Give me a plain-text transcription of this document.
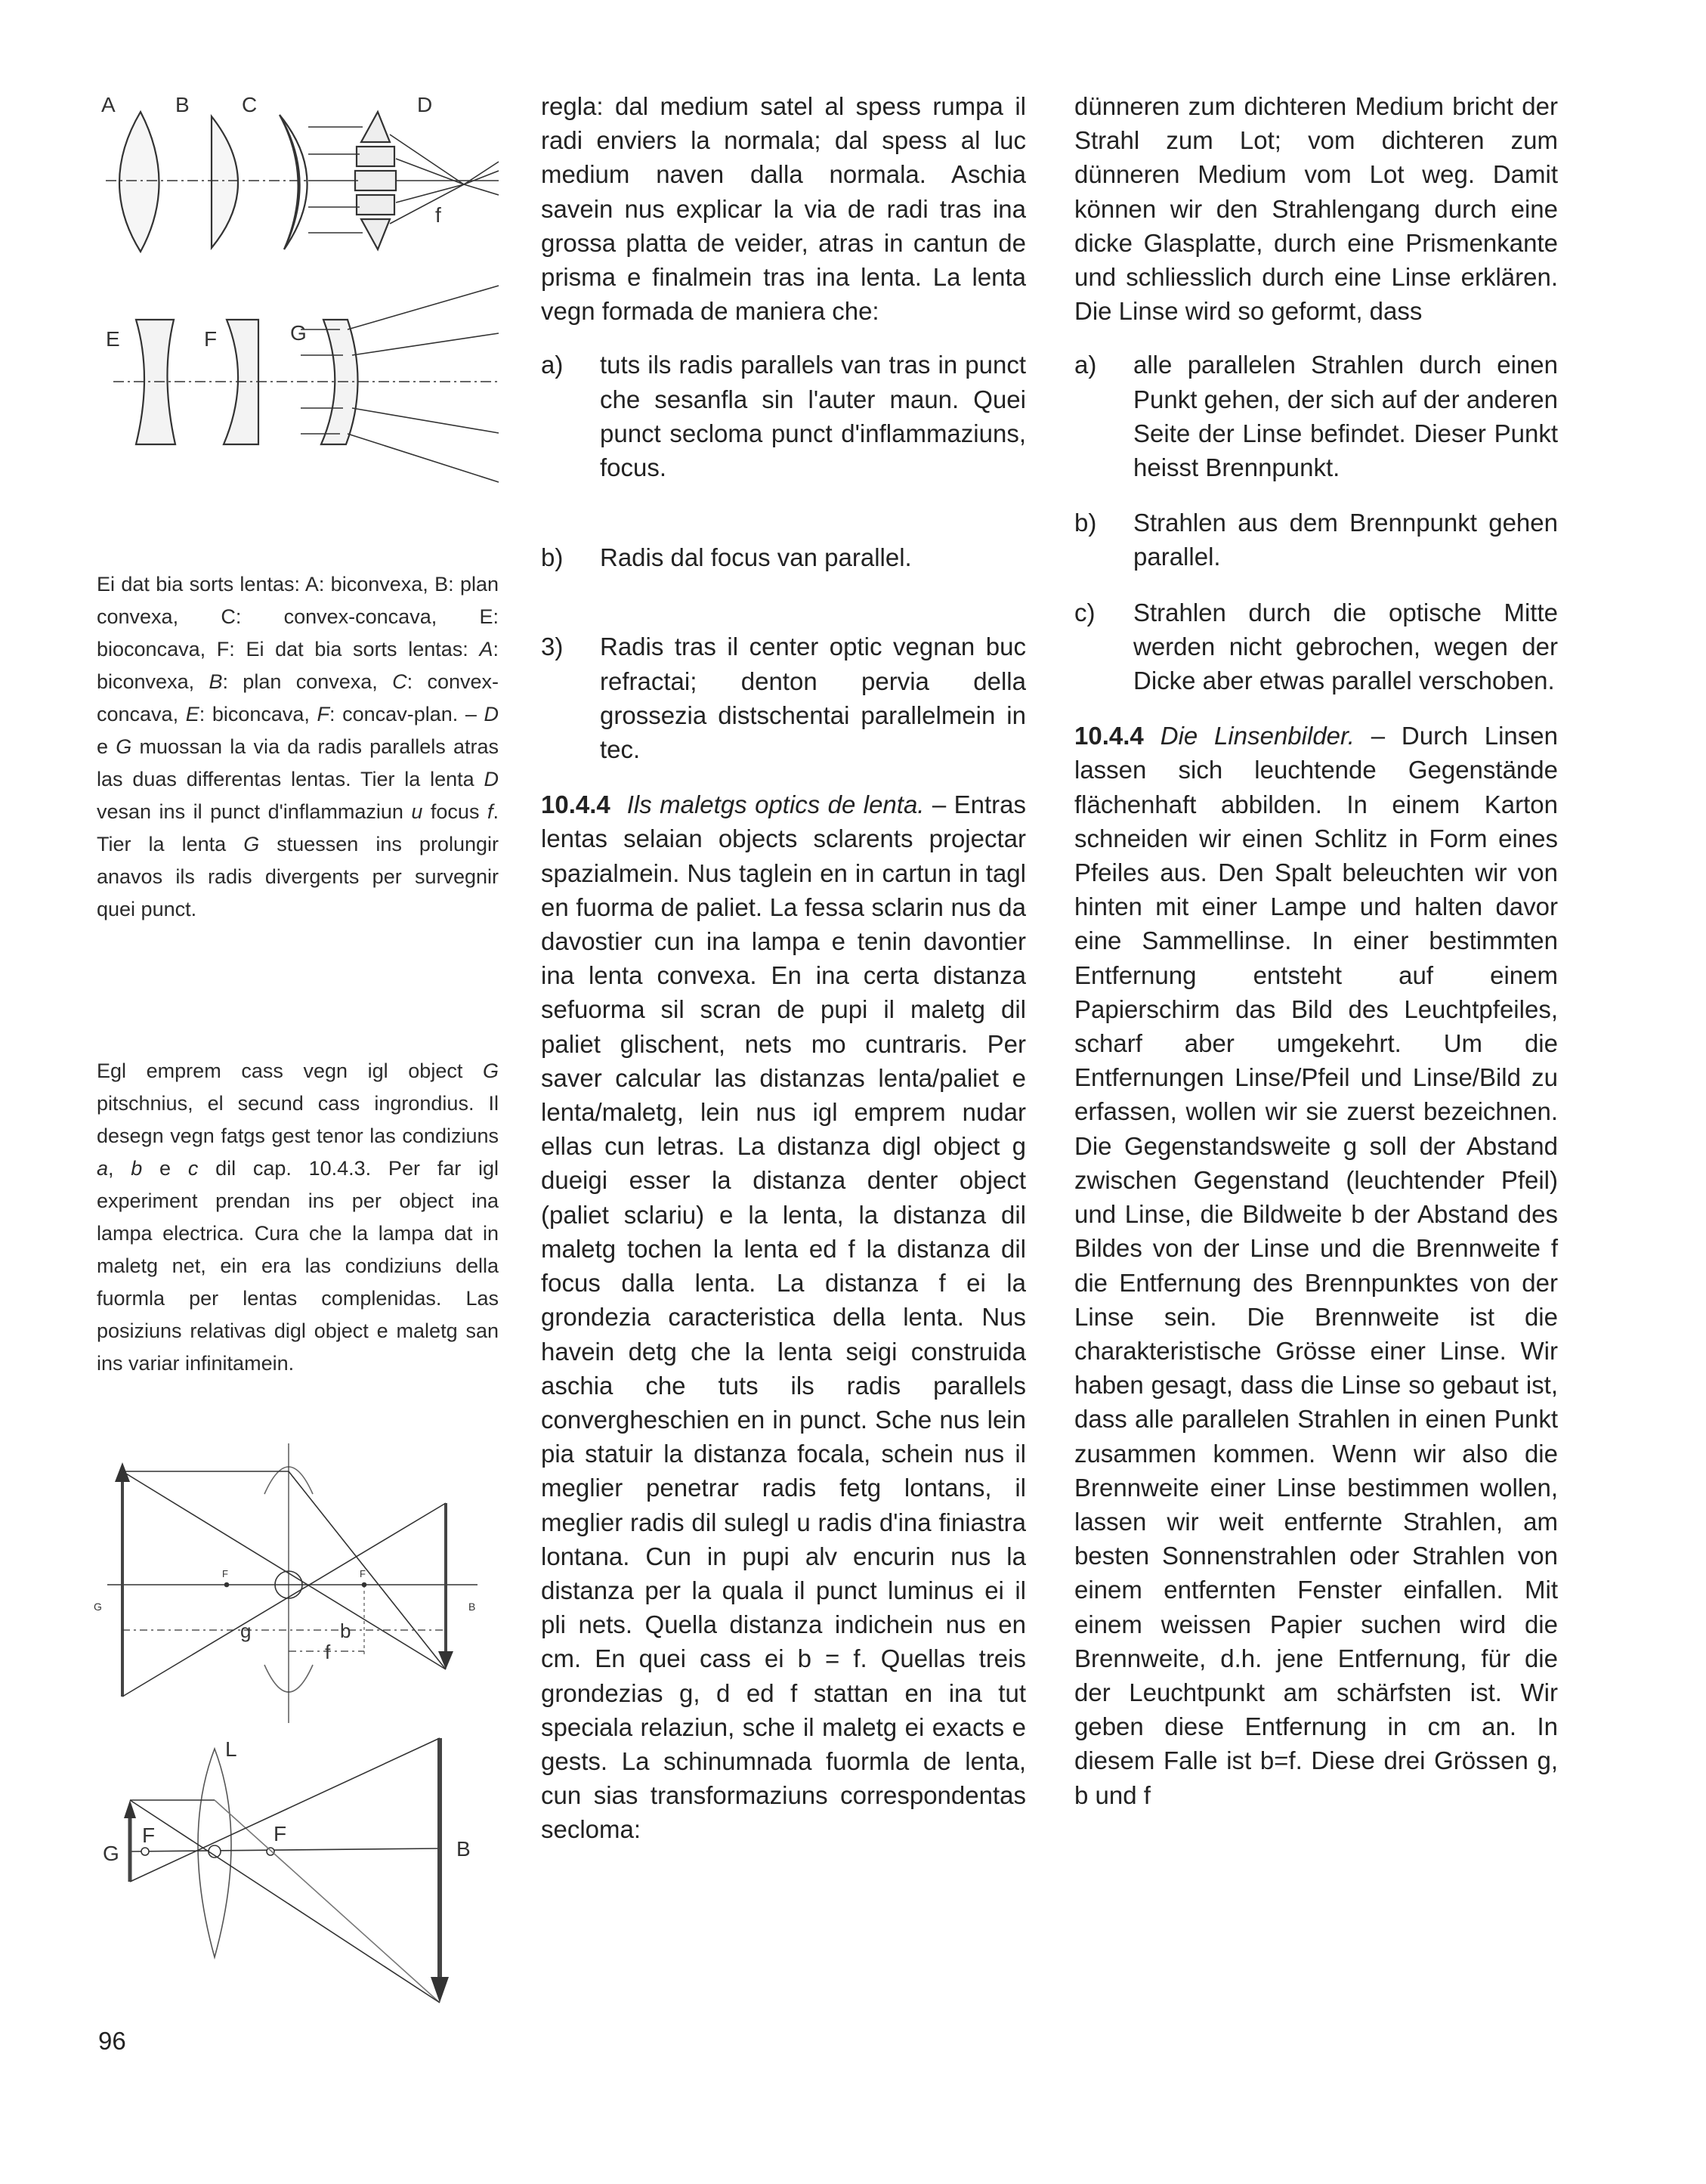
A	B C	D
f
E	F	G

Ei dat bia sorts lentas: A: biconvexa, B: plan convexa, C: convex-concava, E: bioconcava, F: Ei dat bia sorts lentas: A: biconvexa, B: plan convexa, C: convex-concava, E: biconcava, F: concav-plan. – D e G muossan la via da radis parallels atras las duas differentas lentas. Tier la lenta D vesan ins il punct d'inflammaziun u focus f. Tier la lenta G stuessen ins prolungir anavos ils radis divergents per survegnir quei punct.

Egl emprem cass vegn igl object G pitschnius, el secund cass ingrondius. Il desegn vegn fatgs gest tenor las condiziuns a, b e c dil cap. 10.4.3. Per far igl experiment prendan ins per object ina lampa electrica. Cura che la lampa dat in maletg net, ein era las condiziuns della fuormla per lentas complenidas. Las posiziuns relativas digl object e maletg san ins variar infinitamein.

G	B
F	F
g	b
f
L
G	B
F	F

regla: dal medium satel al spess rumpa il radi enviers la normala; dal spess al luc medium naven dalla normala. Aschia savein nus explicar la via de radi tras ina grossa platta de veider, atras in cantun de prisma e finalmein tras ina lenta. La lenta vegn formada de maniera che:

a)	tuts ils radis parallels van tras in punct che sesanfla sin l'auter maun. Quei punct secloma punct d'inflammaziuns, focus.
b)	Radis dal focus van parallel.
3)	Radis tras il center optic vegnan buc refractai; denton pervia della grossezia distschentai parallelmein in tec.

10.4.4 Ils maletgs optics de lenta. – Entras lentas selaian objects sclarents projectar spazialmein. Nus taglein en in cartun in tagl en fuorma de paliet. La fessa sclarin nus da davostier cun ina lampa e tenin davontier ina lenta convexa. En ina certa distanza sefuorma sil scran de pupi il maletg dil paliet glischent, nets mo cuntraris. Per saver calcular las distanzas lenta/paliet e lenta/maletg, lein nus igl emprem nudar ellas cun letras. La distanza digl object g dueigi esser la distanza denter object (paliet sclariu) e la lenta, la distanza dil maletg tochen la lenta ed f la distanza dil focus dalla lenta. La distanza f ei la grondezia caracteristica della lenta. Nus havein detg che la lenta seigi construida aschia che tuts ils radis parallels convergheschien en in punct. Sche nus lein pia statuir la distanza focala, schein nus il meglier penetrar radis fetg lontans, il meglier radis dil sulegl u radis d'ina finiastra lontana. Cun in pupi alv encurin nus la distanza per la quala il punct luminus ei il pli nets. Quella distanza indichein nus en cm. En quei cass ei b = f. Quellas treis grondezias g, d ed f stattan en ina tut speciala relaziun, sche il maletg ei exacts e gests. La schinumnada fuormla de lenta, cun sias transformaziuns correspondentas secloma:

dünneren zum dichteren Medium bricht der Strahl zum Lot; vom dichteren zum dünneren Medium vom Lot weg. Damit können wir den Strahlengang durch eine dicke Glasplatte, durch eine Prismenkante und schliesslich durch eine Linse erklären. Die Linse wird so geformt, dass

a)	alle parallelen Strahlen durch einen Punkt gehen, der sich auf der anderen Seite der Linse befindet. Dieser Punkt heisst Brennpunkt.
b)	Strahlen aus dem Brennpunkt gehen parallel.
c)	Strahlen durch die optische Mitte werden nicht gebrochen, wegen der Dicke aber etwas parallel verschoben.

10.4.4 Die Linsenbilder. – Durch Linsen lassen sich leuchtende Gegenstände flächenhaft abbilden. In einem Karton schneiden wir einen Schlitz in Form eines Pfeiles aus. Den Spalt beleuchten wir von hinten mit einer Lampe und halten davor eine Sammellinse. In einer bestimmten Entfernung entsteht auf einem Papierschirm das Bild des Leuchtpfeiles, scharf aber umgekehrt. Um die Entfernungen Linse/Pfeil und Linse/Bild zu erfassen, wollen wir sie zuerst bezeichnen. Die Gegenstandsweite g soll der Abstand zwischen Gegenstand (leuchtender Pfeil) und Linse, die Bildweite b der Abstand des Bildes von der Linse und die Brennweite f die Entfernung des Brennpunktes von der Linse sein. Die Brennweite ist die charakteristische Grösse einer Linse. Wir haben gesagt, dass die Linse so gebaut ist, dass alle parallelen Strahlen in einen Punkt zusammen kommen. Wenn wir also die Brennweite einer Linse bestimmen wollen, lassen wir weit entfernte Strahlen, am besten Sonnenstrahlen oder Strahlen von einem entfernten Fenster einfallen. Mit einem weissen Papier suchen wird die Brennweite, d.h. jene Entfernung, für die der Leuchtpunkt am schärfsten ist. Wir geben diese Entfernung in cm an. In diesem Falle ist b=f. Diese drei Grössen g, b und f

96
